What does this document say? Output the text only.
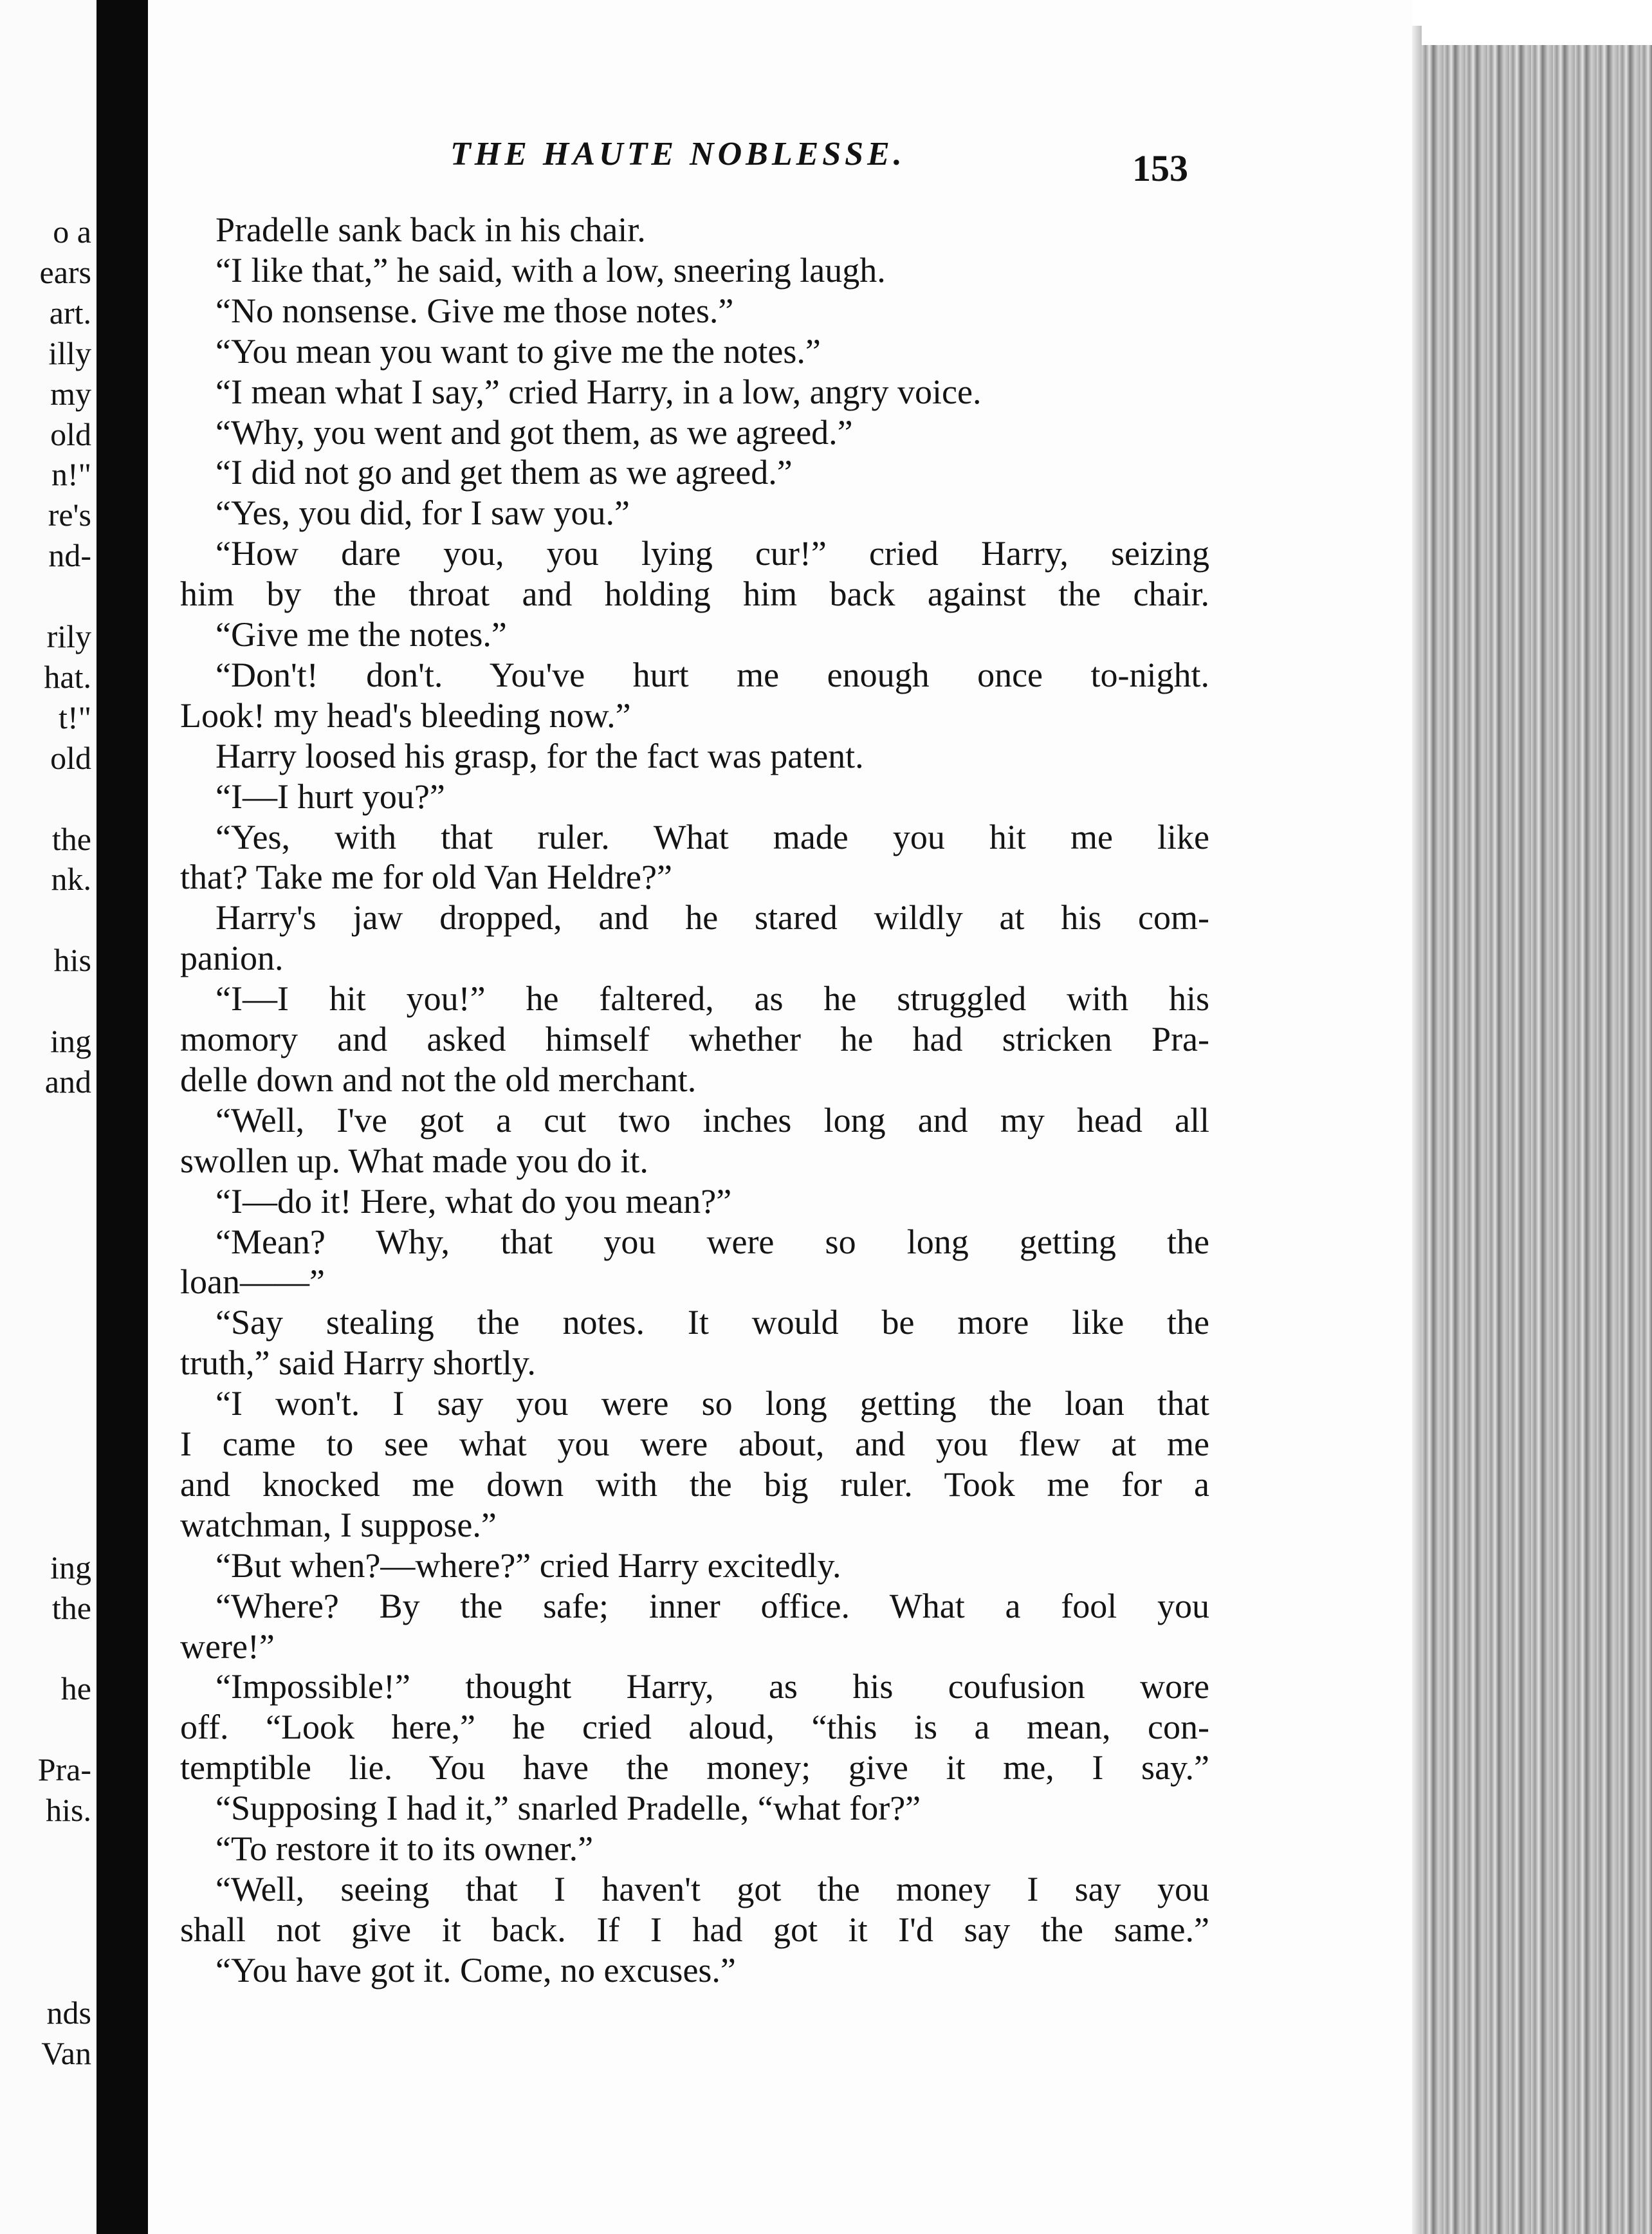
o a
ears
art.
illy
my
old
n!"
re's
nd-
rily
hat.
t!"
old
the
nk.
his
ing
and
ing
the
he
Pra-
his.
nds
Van
THE HAUTE NOBLESSE.	153

Pradelle sank back in his chair.

“I like that,” he said, with a low, sneering laugh.

“No nonsense. Give me those notes.”

“You mean you want to give me the notes.”

“I mean what I say,” cried Harry, in a low, angry voice.

“Why, you went and got them, as we agreed.”

“I did not go and get them as we agreed.”

“Yes, you did, for I saw you.”

“How dare you, you lying cur!” cried Harry, seizing

him by the throat and holding him back against the chair.

“Give me the notes.”

“Don't! don't. You've hurt me enough once to-night.

Look! my head's bleeding now.”

Harry loosed his grasp, for the fact was patent.

“I—I hurt you?”

“Yes, with that ruler. What made you hit me like

that? Take me for old Van Heldre?”

Harry's jaw dropped, and he stared wildly at his com-

panion.

“I—I hit you!” he faltered, as he struggled with his

momory and asked himself whether he had stricken Pra-

delle down and not the old merchant.

“Well, I've got a cut two inches long and my head all

swollen up. What made you do it.

“I—do it! Here, what do you mean?”

“Mean? Why, that you were so long getting the

loan——”

“Say stealing the notes. It would be more like the

truth,” said Harry shortly.

“I won't. I say you were so long getting the loan that

I came to see what you were about, and you flew at me

and knocked me down with the big ruler. Took me for a

watchman, I suppose.”

“But when?—where?” cried Harry excitedly.

“Where? By the safe; inner office. What a fool you

were!”

“Impossible!” thought Harry, as his coufusion wore

off. “Look here,” he cried aloud, “this is a mean, con-

temptible lie. You have the money; give it me, I say.”

“Supposing I had it,” snarled Pradelle, “what for?”

“To restore it to its owner.”

“Well, seeing that I haven't got the money I say you

shall not give it back. If I had got it I'd say the same.”

“You have got it. Come, no excuses.”
